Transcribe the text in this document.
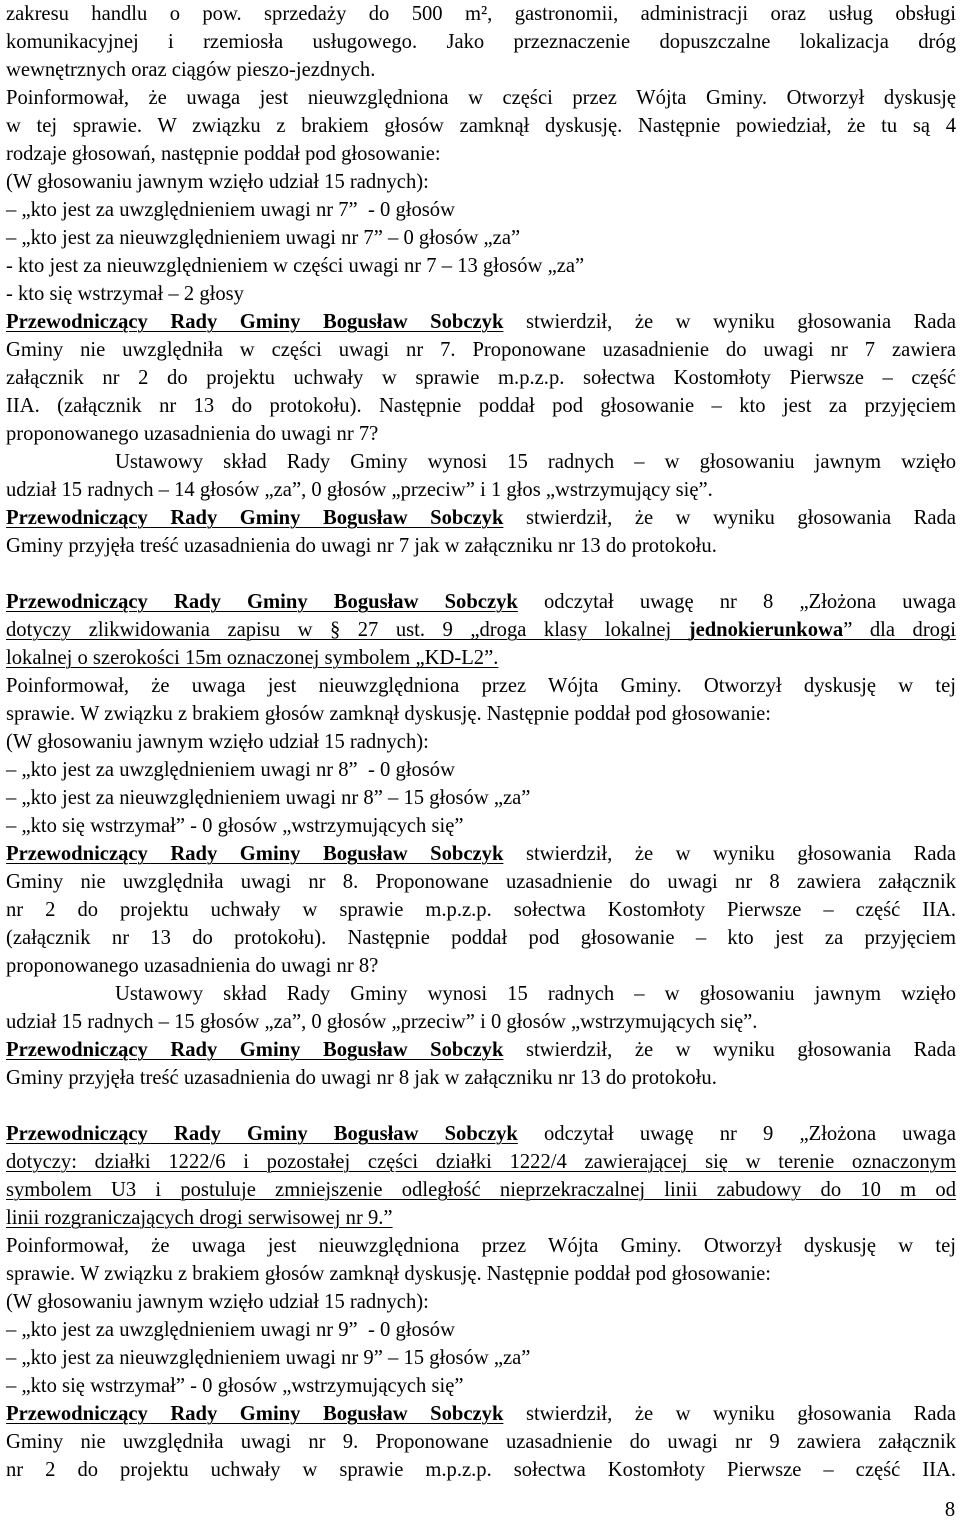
zakresu handlu o pow. sprzedaży do 500 m², gastronomii, administracji oraz usług obsługi
komunikacyjnej i rzemiosła usługowego. Jako przeznaczenie dopuszczalne lokalizacja dróg
wewnętrznych oraz ciągów pieszo-jezdnych.
Poinformował, że uwaga jest nieuwzględniona w części przez Wójta Gminy. Otworzył dyskusję
w tej sprawie. W związku z brakiem głosów zamknął dyskusję. Następnie powiedział, że tu są 4
rodzaje głosowań, następnie poddał pod głosowanie:
(W głosowaniu jawnym wzięło udział 15 radnych):
– „kto jest za uwzględnieniem uwagi nr 7”  - 0 głosów
– „kto jest za nieuwzględnieniem uwagi nr 7” – 0 głosów „za”
- kto jest za nieuwzględnieniem w części uwagi nr 7 – 13 głosów „za”
- kto się wstrzymał – 2 głosy
Przewodniczący Rady Gminy Bogusław Sobczyk stwierdził, że w wyniku głosowania Rada
Gminy nie uwzględniła w części uwagi nr 7. Proponowane uzasadnienie do uwagi nr 7 zawiera
załącznik nr 2 do projektu uchwały w sprawie m.p.z.p. sołectwa Kostomłoty Pierwsze – część
IIA. (załącznik nr 13 do protokołu). Następnie poddał pod głosowanie – kto jest za przyjęciem
proponowanego uzasadnienia do uwagi nr 7?
Ustawowy skład Rady Gminy wynosi 15 radnych – w głosowaniu jawnym wzięło
udział 15 radnych – 14 głosów „za”, 0 głosów „przeciw” i 1 głos „wstrzymujący się”.
Przewodniczący Rady Gminy Bogusław Sobczyk stwierdził, że w wyniku głosowania Rada
Gminy przyjęła treść uzasadnienia do uwagi nr 7 jak w załączniku nr 13 do protokołu.
Przewodniczący Rady Gminy Bogusław Sobczyk odczytał uwagę nr 8 „Złożona uwaga
dotyczy zlikwidowania zapisu w § 27 ust. 9 „droga klasy lokalnej jednokierunkowa” dla drogi
lokalnej o szerokości 15m oznaczonej symbolem „KD-L2”.
Poinformował, że uwaga jest nieuwzględniona przez Wójta Gminy. Otworzył dyskusję w tej
sprawie. W związku z brakiem głosów zamknął dyskusję. Następnie poddał pod głosowanie:
(W głosowaniu jawnym wzięło udział 15 radnych):
– „kto jest za uwzględnieniem uwagi nr 8”  - 0 głosów
– „kto jest za nieuwzględnieniem uwagi nr 8” – 15 głosów „za”
– „kto się wstrzymał” - 0 głosów „wstrzymujących się”
Przewodniczący Rady Gminy Bogusław Sobczyk stwierdził, że w wyniku głosowania Rada
Gminy nie uwzględniła uwagi nr 8. Proponowane uzasadnienie do uwagi nr 8 zawiera załącznik
nr 2 do projektu uchwały w sprawie m.p.z.p. sołectwa Kostomłoty Pierwsze – część IIA.
(załącznik nr 13 do protokołu). Następnie poddał pod głosowanie – kto jest za przyjęciem
proponowanego uzasadnienia do uwagi nr 8?
Ustawowy skład Rady Gminy wynosi 15 radnych – w głosowaniu jawnym wzięło
udział 15 radnych – 15 głosów „za”, 0 głosów „przeciw” i 0 głosów „wstrzymujących się”.
Przewodniczący Rady Gminy Bogusław Sobczyk stwierdził, że w wyniku głosowania Rada
Gminy przyjęła treść uzasadnienia do uwagi nr 8 jak w załączniku nr 13 do protokołu.
Przewodniczący Rady Gminy Bogusław Sobczyk odczytał uwagę nr 9 „Złożona uwaga
dotyczy: działki 1222/6 i pozostałej części działki 1222/4 zawierającej się w terenie oznaczonym
symbolem U3 i postuluje zmniejszenie odległość nieprzekraczalnej linii zabudowy do 10 m od
linii rozgraniczających drogi serwisowej nr 9.”
Poinformował, że uwaga jest nieuwzględniona przez Wójta Gminy. Otworzył dyskusję w tej
sprawie. W związku z brakiem głosów zamknął dyskusję. Następnie poddał pod głosowanie:
(W głosowaniu jawnym wzięło udział 15 radnych):
– „kto jest za uwzględnieniem uwagi nr 9”  - 0 głosów
– „kto jest za nieuwzględnieniem uwagi nr 9” – 15 głosów „za”
– „kto się wstrzymał” - 0 głosów „wstrzymujących się”
Przewodniczący Rady Gminy Bogusław Sobczyk stwierdził, że w wyniku głosowania Rada
Gminy nie uwzględniła uwagi nr 9. Proponowane uzasadnienie do uwagi nr 9 zawiera załącznik
nr 2 do projektu uchwały w sprawie m.p.z.p. sołectwa Kostomłoty Pierwsze – część IIA.
8
